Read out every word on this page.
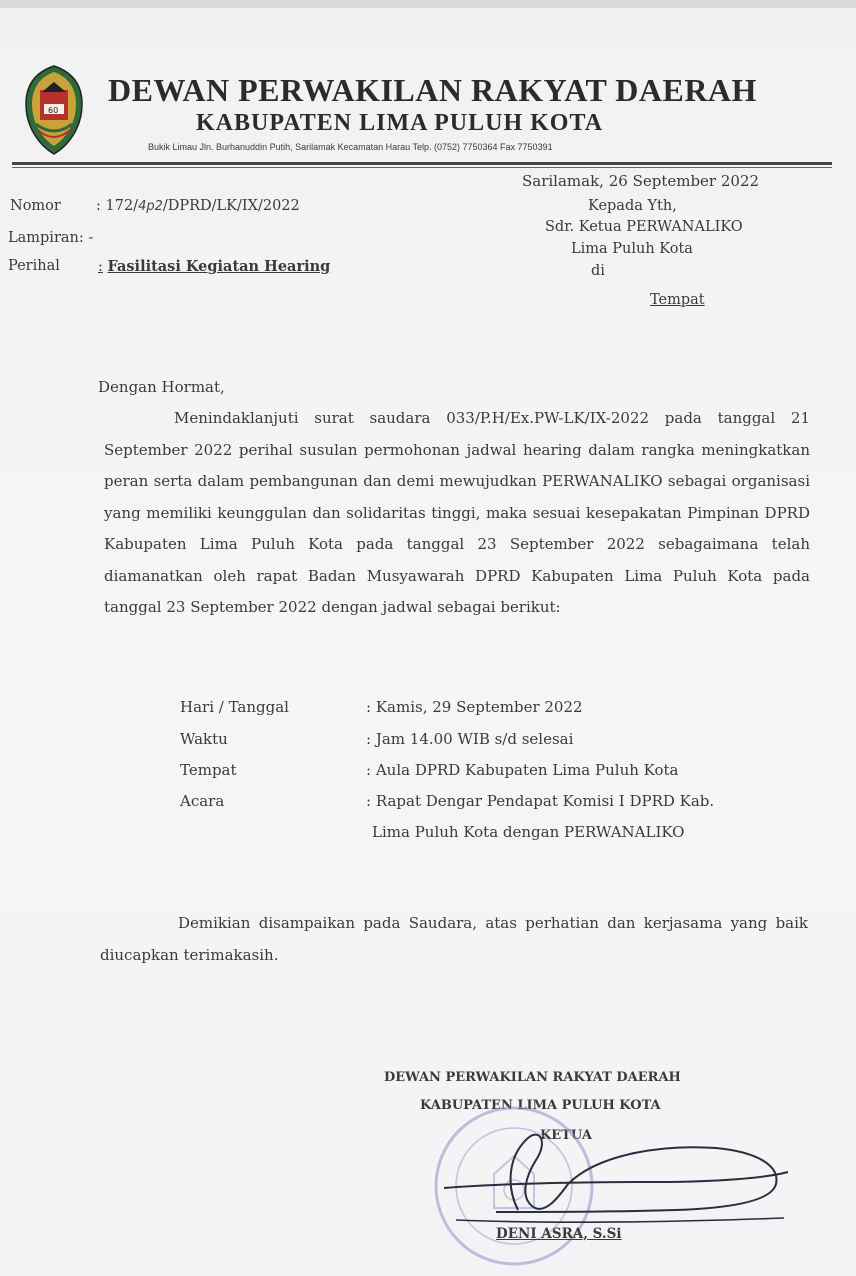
60
DEWAN PERWAKILAN RAKYAT DAERAH
KABUPATEN LIMA PULUH KOTA
Bukik Limau Jln. Burhanuddin Putih, Sarilamak Kecamatan Harau Telp. (0752) 7750364 Fax 7750391
Sarilamak, 26 September 2022
Nomor : 172/4p2/DPRD/LK/IX/2022
Lampiran: -
Perihal	: Fasilitasi Kegiatan Hearing
Kepada Yth,
Sdr. Ketua PERWANALIKO
Lima Puluh Kota
di
Tempat
Dengan Hormat,
Menindaklanjuti surat saudara 033/P.H/Ex.PW-LK/IX-2022 pada tanggal 21 September 2022 perihal susulan permohonan jadwal hearing dalam rangka meningkatkan peran serta dalam pembangunan dan demi mewujudkan PERWANALIKO sebagai organisasi yang memiliki keunggulan dan solidaritas tinggi, maka sesuai kesepakatan Pimpinan DPRD Kabupaten Lima Puluh Kota pada tanggal 23 September 2022 sebagaimana telah diamanatkan oleh rapat Badan Musyawarah DPRD Kabupaten Lima Puluh Kota pada tanggal 23 September 2022 dengan jadwal sebagai berikut:
Hari / Tanggal	: Kamis, 29 September 2022
Waktu	: Jam 14.00 WIB s/d selesai
Tempat	: Aula DPRD Kabupaten Lima Puluh Kota
Acara	: Rapat Dengar Pendapat Komisi I DPRD Kab.
Lima Puluh Kota dengan PERWANALIKO
Demikian disampaikan pada Saudara, atas perhatian dan kerjasama yang baik diucapkan terimakasih.
DEWAN PERWAKILAN RAKYAT DAERAH
KABUPATEN LIMA PULUH KOTA
KETUA
DENI ASRA, S.Si
